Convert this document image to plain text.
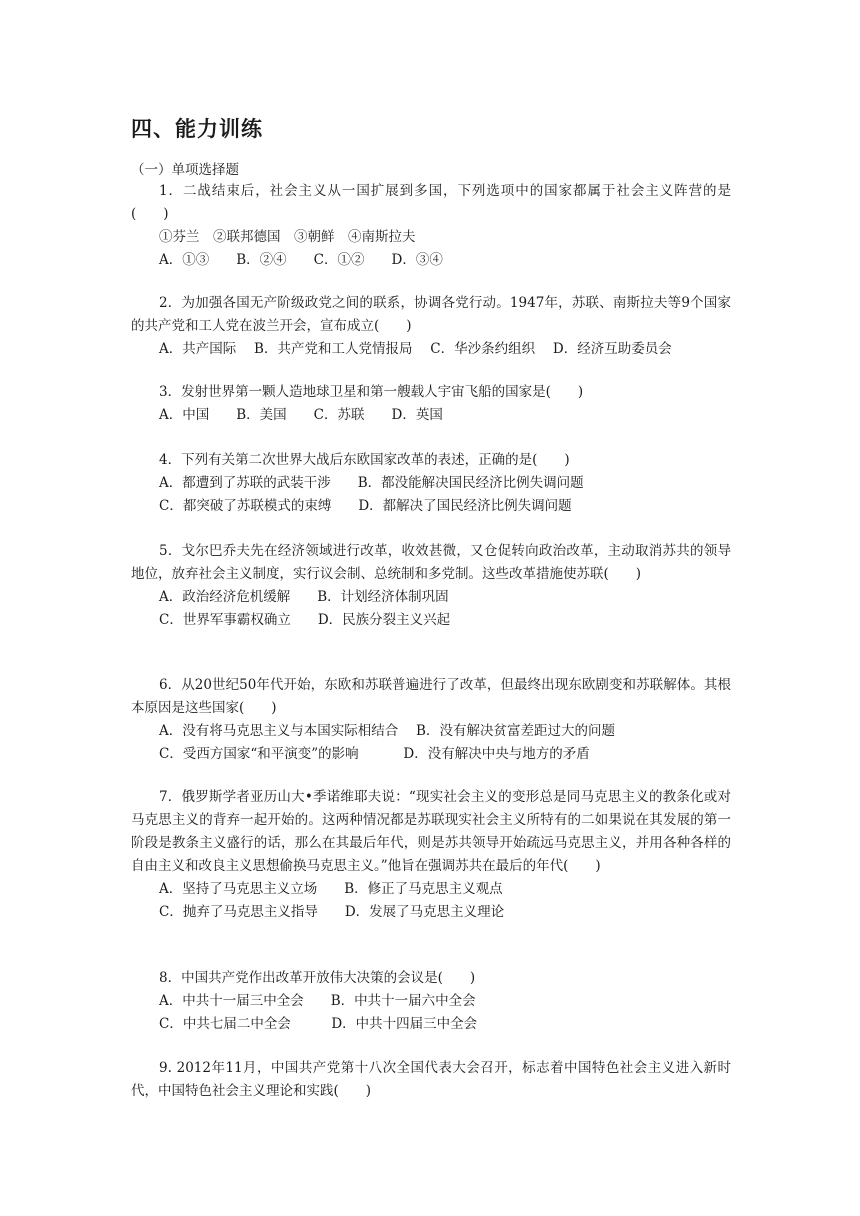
四、能力训练
（一）单项选择题

1．二战结束后，社会主义从一国扩展到多国，下列选项中的国家都属于社会主义阵营的是(　　)

①芬兰　②联邦德国　③朝鲜　④南斯拉夫
A．①③　　B．②④　　C．①②　　D．③④

2．为加强各国无产阶级政党之间的联系，协调各党行动。1947年，苏联、南斯拉夫等9个国家的共产党和工人党在波兰开会，宣布成立(　　)

A．共产国际　 B．共产党和工人党情报局　 C．华沙条约组织　 D．经济互助委员会

3．发射世界第一颗人造地球卫星和第一艘载人宇宙飞船的国家是(　　)

A．中国　　B．美国　　C．苏联　　D．英国

4．下列有关第二次世界大战后东欧国家改革的表述，正确的是(　　)

A．都遭到了苏联的武装干涉　　B．都没能解决国民经济比例失调问题
C．都突破了苏联模式的束缚　　D．都解决了国民经济比例失调问题

5．戈尔巴乔夫先在经济领域进行改革，收效甚微，又仓促转向政治改革，主动取消苏共的领导地位，放弃社会主义制度，实行议会制、总统制和多党制。这些改革措施使苏联(　　)

A．政治经济危机缓解　　B．计划经济体制巩固
C．世界军事霸权确立　　D．民族分裂主义兴起

6．从20世纪50年代开始，东欧和苏联普遍进行了改革，但最终出现东欧剧变和苏联解体。其根本原因是这些国家(　　)

A．没有将马克思主义与本国实际相结合　 B．没有解决贫富差距过大的问题
C．受西方国家“和平演变”的影响　　　 D．没有解决中央与地方的矛盾

7．俄罗斯学者亚历山大•季诺维耶夫说：“现实社会主义的变形总是同马克思主义的教条化或对马克思主义的背弃一起开始的。这两种情况都是苏联现实社会主义所特有的二如果说在其发展的第一阶段是教条主义盛行的话，那么在其最后年代，则是苏共领导开始疏远马克思主义，并用各种各样的自由主义和改良主义思想偷换马克思主义。”他旨在强调苏共在最后的年代(　　)

A．坚持了马克思主义立场　　B．修正了马克思主义观点
C．抛弃了马克思主义指导　　D．发展了马克思主义理论

8．中国共产党作出改革开放伟大决策的会议是(　　)

A．中共十一届三中全会　　B．中共十一届六中全会
C．中共七届二中全会　　　D．中共十四届三中全会

9. 2012年11月，中国共产党第十八次全国代表大会召开，标志着中国特色社会主义进入新时代，中国特色社会主义理论和实践(　　)
